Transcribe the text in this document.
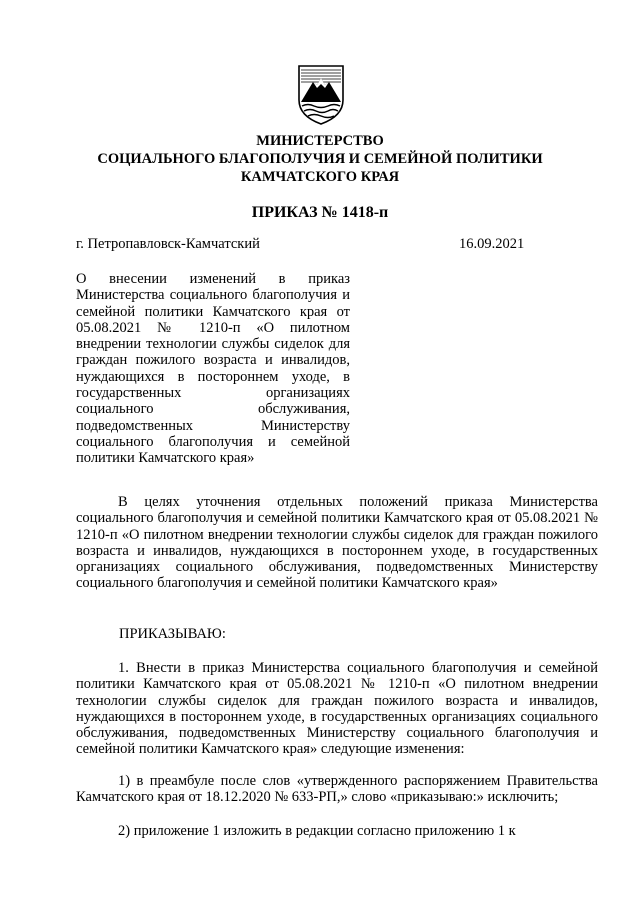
МИНИСТЕРСТВО
СОЦИАЛЬНОГО БЛАГОПОЛУЧИЯ И СЕМЕЙНОЙ ПОЛИТИКИ
КАМЧАТСКОГО КРАЯ
ПРИКАЗ № 1418-п
г. Петропавловск-Камчатский	16.09.2021
О внесении изменений в приказ Министерства социального благополучия и семейной политики Камчатского края от 05.08.2021 № 1210-п «О пилотном внедрении технологии службы сиделок для граждан пожилого возраста и инвалидов, нуждающихся в постороннем уходе, в государственных организациях социального обслуживания, подведомственных Министерству социального благополучия и семейной политики Камчатского края»
В целях уточнения отдельных положений приказа Министерства социального благополучия и семейной политики Камчатского края от 05.08.2021 № 1210-п «О пилотном внедрении технологии службы сиделок для граждан пожилого возраста и инвалидов, нуждающихся в постороннем уходе, в государственных организациях социального обслуживания, подведомственных Министерству социального благополучия и семейной политики Камчатского края»
ПРИКАЗЫВАЮ:
1. Внести в приказ Министерства социального благополучия и семейной политики Камчатского края от 05.08.2021 № 1210-п «О пилотном внедрении технологии службы сиделок для граждан пожилого возраста и инвалидов, нуждающихся в постороннем уходе, в государственных организациях социального обслуживания, подведомственных Министерству социального благополучия и семейной политики Камчатского края» следующие изменения:
1) в преамбуле после слов «утвержденного распоряжением Правительства Камчатского края от 18.12.2020 № 633-РП,» слово «приказываю:» исключить;
2) приложение 1 изложить в редакции согласно приложению 1 к
